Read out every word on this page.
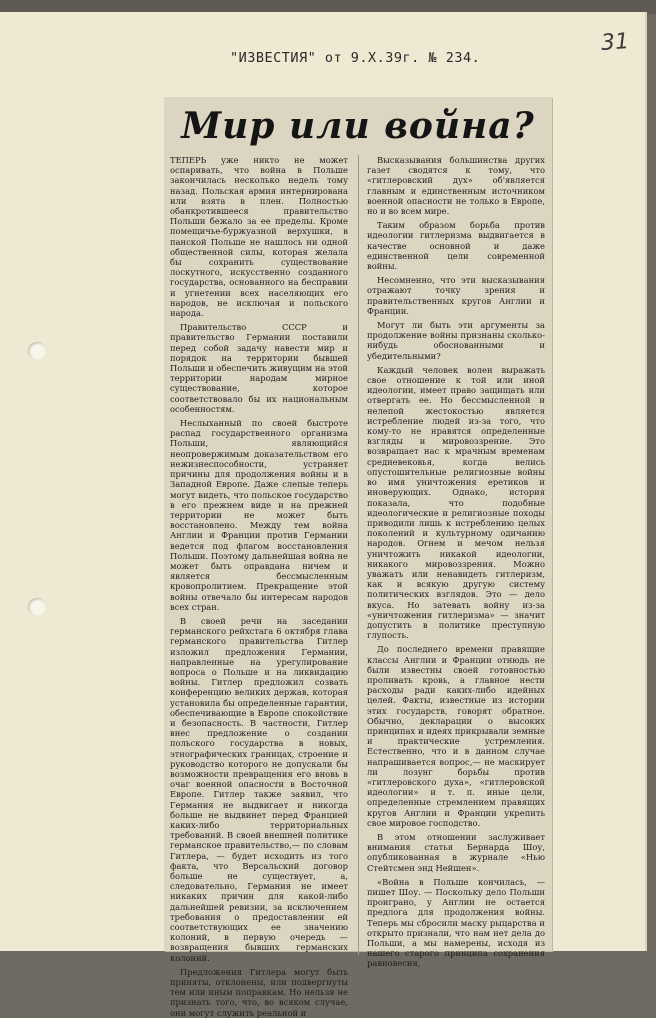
"ИЗВЕСТИЯ" от 9.Х.39г. № 234.
31
Мир или война?

ТЕПЕРЬ уже никто не может оспаривать, что война в Польше закончилась несколько недель тому назад. Польская армия интернирована или взята в плен. Полностью обанкротившееся правительство Польши бежало за ее пределы. Кроме помещичье-буржуазной верхушки, в панской Польше не нашлось ни одной общественной силы, которая желала бы сохранить существование лоскутного, искусственно созданного государства, основанного на бесправии и угнетении всех населяющих его народов, не исключая и польского народа.

Правительство СССР и правительство Германии поставили перед собой задачу навести мир и порядок на территории бывшей Польши и обеспечить живущим на этой территории народам мирное существование, которое соответствовало бы их национальным особенностям.

Неслыханный по своей быстроте распад государственного организма Польши, являющийся неопровержимым доказательством его нежизнеспособности, устраняет причины для продолжения войны и в Западной Европе. Даже слепые теперь могут видеть, что польское государство в его прежнем виде и на прежней территории не может быть восстановлено. Между тем война Англии и Франции против Германии ведется под флагом восстановления Польши. Поэтому дальнейшая война не может быть оправдана ничем и является бессмысленным кровопролитием. Прекращение этой войны отвечало бы интересам народов всех стран.

В своей речи на заседании германского рейхстага 6 октября глава германского правительства Гитлер изложил предложения Германии, направленные на урегулирование вопроса о Польше и на ликвидацию войны. Гитлер предложил созвать конференцию великих держав, которая установила бы определенные гарантии, обеспечивающие в Европе спокойствие и безопасность. В частности, Гитлер внес предложение о создании польского государства в новых, этнографических границах, строение и руководство которого не допускали бы возможности превращения его вновь в очаг военной опасности в Восточной Европе. Гитлер также заявил, что Германия не выдвигает и никогда больше не выдвинет перед Францией каких-либо территориальных требований. В своей внешней политике германское правительство,— по словам Гитлера, — будет исходить из того факта, что Версальский договор больше не существует, а, следовательно, Германия не имеет никаких причин для какой-либо дальнейшей ревизии, за исключением требования о предоставлении ей соответствующих ее значению колоний, в первую очередь — возвращения бывших германских колоний.

Предложения Гитлера могут быть приняты, отклонены, или подвергнуты тем или иным поправкам. Но нельзя не признать того, что, во всяком случае, они могут служить реальной и

Высказывания большинства других газет сводятся к тому, что «гитлеровский дух» об'является главным и единственным источником военной опасности не только в Европе, но и во всем мире.

Таким образом борьба против идеологии гитлеризма выдвигается в качестве основной и даже единственной цели современной войны.

Несомненно, что эти высказывания отражают точку зрения и правительственных кругов Англии и Франции.

Могут ли быть эти аргументы за продолжение войны признаны сколько-нибудь обоснованными и убедительными?

Каждый человек волен выражать свое отношение к той или иной идеологии, имеет право защищать или отвергать ее. Но бессмысленной и нелепой жестокостью является истребление людей из-за того, что кому-то не нравятся определенные взгляды и мировоззрение. Это возвращает нас к мрачным временам средневековья, когда велись опустошительные религиозные войны во имя уничтожения еретиков и иноверующих. Однако, история показала, что подобные идеологические и религиозные походы приводили лишь к истреблению целых поколений и культурному одичанию народов. Огнем и мечом нельзя уничтожить никакой идеологии, никакого мировоззрения. Можно уважать или ненавидеть гитлеризм, как и всякую другую систему политических взглядов. Это — дело вкуса. Но затевать войну из-за «уничтожения гитлеризма» — значит допустить в политике преступную глупость.

До последнего времени правящие классы Англии и Франции отнюдь не были известны своей готовностью проливать кровь, а главное нести расходы ради каких-либо идейных целей. Факты, известные из истории этих государств, говорят обратное. Обычно, декларации о высоких принципах и идеях прикрывали земные и практические устремления. Естественно, что и в данном случае напрашивается вопрос,— не маскирует ли лозунг борьбы против «гитлеровского духа», «гитлеровской идеологии» и т. п. иные цели, определенные стремлением правящих кругов Англии и Франции укрепить свое мировое господство.

В этом отношении заслуживает внимания статья Бернарда Шоу, опубликованная в журнале «Нью Стейтсмен энд Нейшен».

«Война в Польше кончилась, — пишет Шоу. — Поскольку дело Польши проиграно, у Англии не остается предлога для продолжения войны. Теперь мы сбросили маску рыцарства и открыто признали, что нам нет дела до Польши, а мы намерены, исходя из нашего старого принципа сохранения равновесия,
